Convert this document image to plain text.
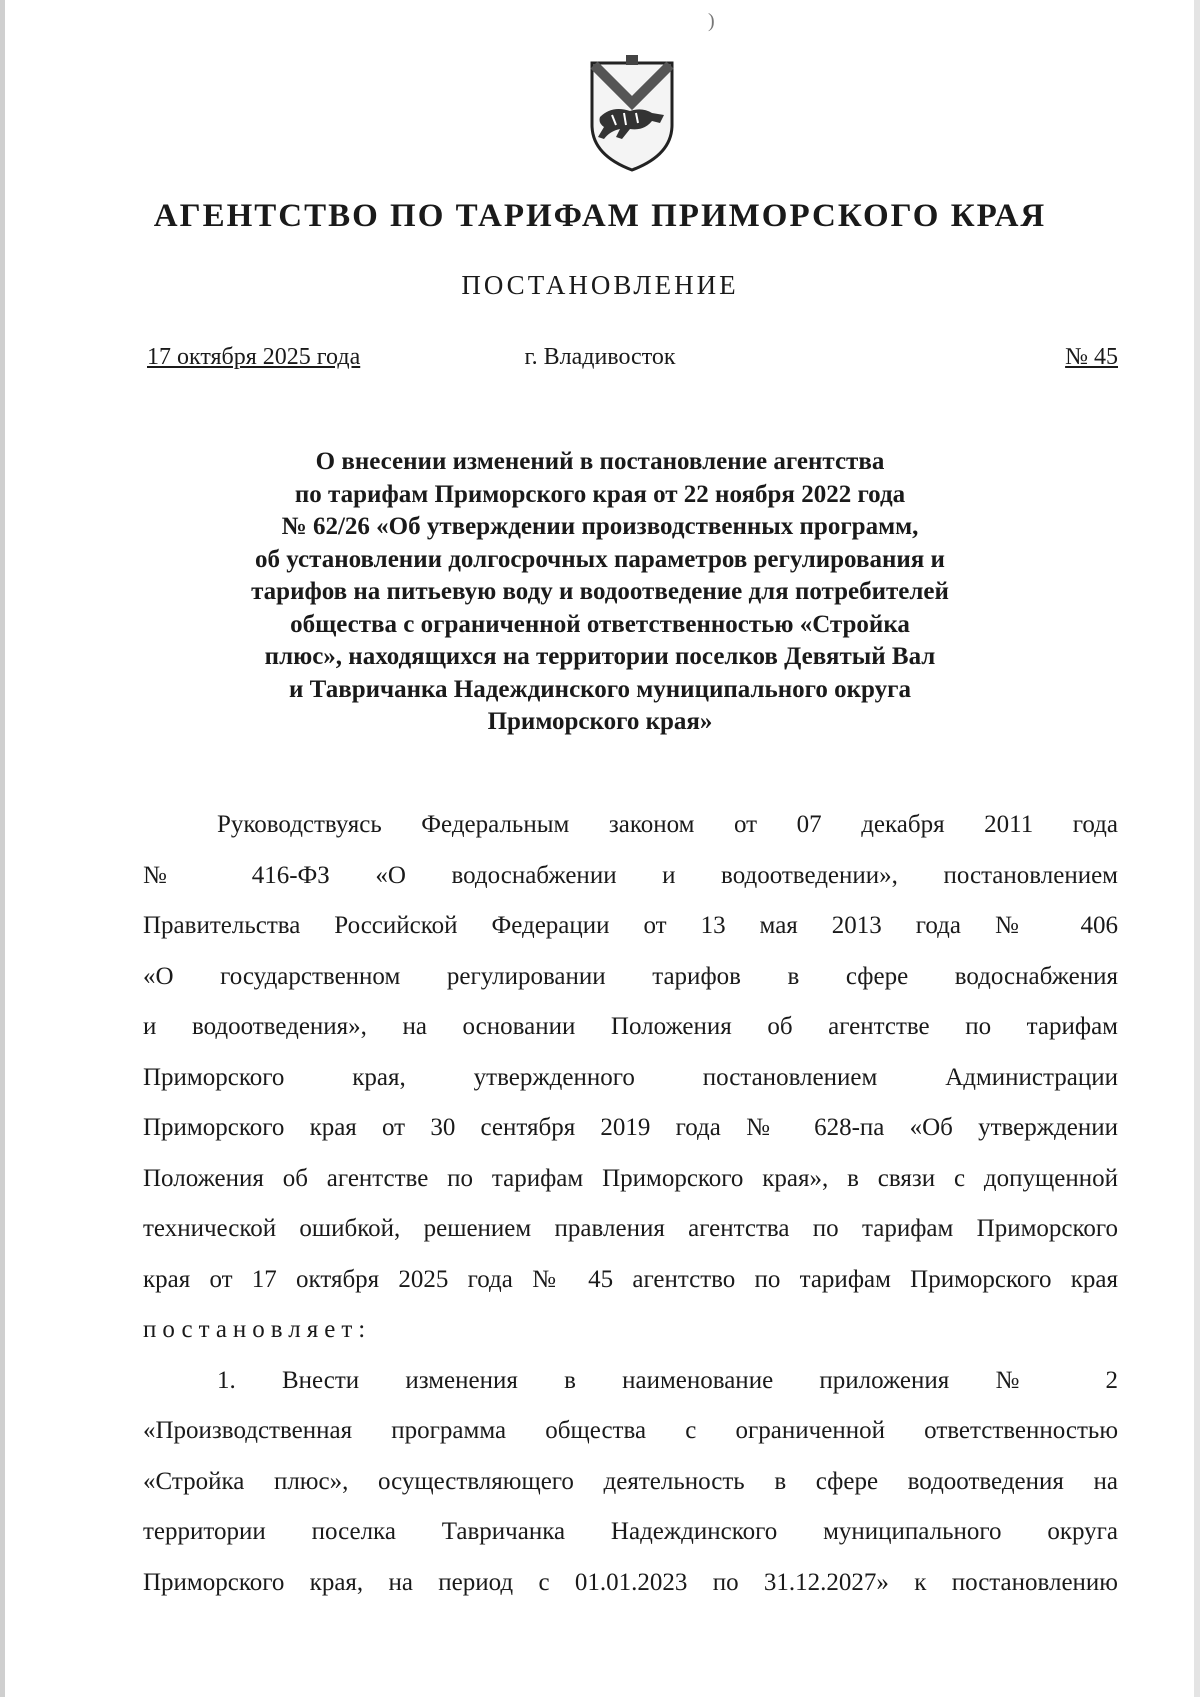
)
АГЕНТСТВО ПО ТАРИФАМ ПРИМОРСКОГО КРАЯ
ПОСТАНОВЛЕНИЕ
17 октября 2025 года	г. Владивосток	№ 45
О внесении изменений в постановление агентства
по тарифам Приморского края от 22 ноября 2022 года
№ 62/26 «Об утверждении производственных программ,
об установлении долгосрочных параметров регулирования и
тарифов на питьевую воду и водоотведение для потребителей
общества с ограниченной ответственностью «Стройка
плюс», находящихся на территории поселков Девятый Вал
и Тавричанка Надеждинского муниципального округа
Приморского края»
Руководствуясь Федеральным законом от 07 декабря 2011 года
№ 416-ФЗ «О водоснабжении и водоотведении», постановлением
Правительства Российской Федерации от 13 мая 2013 года № 406
«О государственном регулировании тарифов в сфере водоснабжения
и водоотведения», на основании Положения об агентстве по тарифам
Приморского края, утвержденного постановлением Администрации
Приморского края от 30 сентября 2019 года № 628-па «Об утверждении
Положения об агентстве по тарифам Приморского края», в связи с допущенной
технической ошибкой, решением правления агентства по тарифам Приморского
края от 17 октября 2025 года № 45 агентство по тарифам Приморского края
постановляет:
1. Внести изменения в наименование приложения № 2
«Производственная программа общества с ограниченной ответственностью
«Стройка плюс», осуществляющего деятельность в сфере водоотведения на
территории поселка Тавричанка Надеждинского муниципального округа
Приморского края, на период с 01.01.2023 по 31.12.2027» к постановлению
